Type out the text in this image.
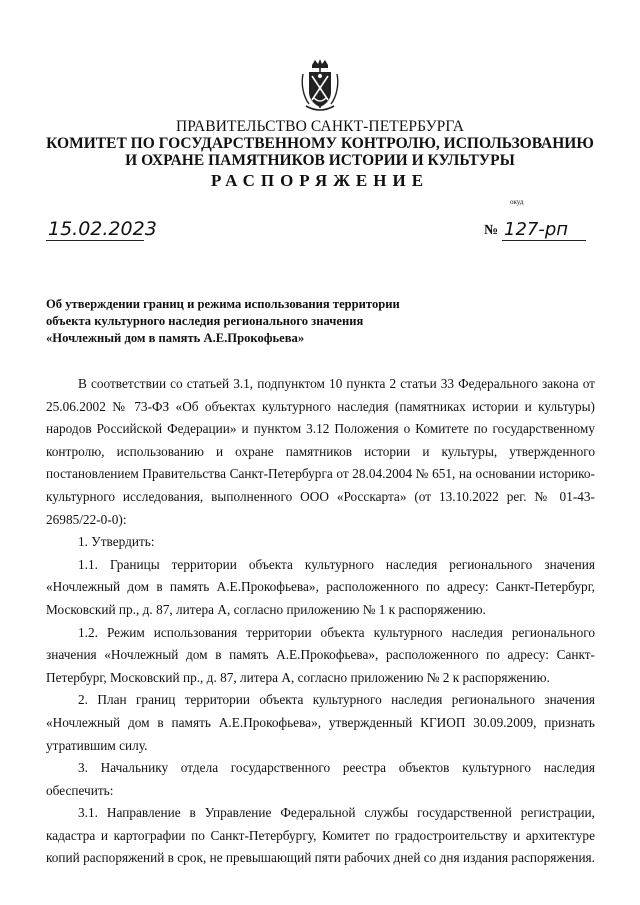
ПРАВИТЕЛЬСТВО САНКТ-ПЕТЕРБУРГА
КОМИТЕТ ПО ГОСУДАРСТВЕННОМУ КОНТРОЛЮ, ИСПОЛЬЗОВАНИЮ
И ОХРАНЕ ПАМЯТНИКОВ ИСТОРИИ И КУЛЬТУРЫ
РАСПОРЯЖЕНИЕ
окуд
15.02.2023	№ 127-рп
Об утверждении границ и режима использования территории
объекта культурного наследия регионального значения
«Ночлежный дом в память А.Е.Прокофьева»

В соответствии со статьей 3.1, подпунктом 10 пункта 2 статьи 33 Федерального закона от 25.06.2002 № 73-ФЗ «Об объектах культурного наследия (памятниках истории и культуры) народов Российской Федерации» и пунктом 3.12 Положения о Комитете по государственному контролю, использованию и охране памятников истории и культуры, утвержденного постановлением Правительства Санкт-Петербурга от 28.04.2004 № 651, на основании историко-культурного исследования, выполненного ООО «Росскарта» (от 13.10.2022 рег. № 01-43-26985/22-0-0):

1. Утвердить:

1.1. Границы территории объекта культурного наследия регионального значения «Ночлежный дом в память А.Е.Прокофьева», расположенного по адресу: Санкт-Петербург, Московский пр., д. 87, литера А, согласно приложению № 1 к распоряжению.

1.2. Режим использования территории объекта культурного наследия регионального значения «Ночлежный дом в память А.Е.Прокофьева», расположенного по адресу: Санкт-Петербург, Московский пр., д. 87, литера А, согласно приложению № 2 к распоряжению.

2. План границ территории объекта культурного наследия регионального значения «Ночлежный дом в память А.Е.Прокофьева», утвержденный КГИОП 30.09.2009, признать утратившим силу.

3. Начальнику отдела государственного реестра объектов культурного наследия обеспечить:

3.1. Направление в Управление Федеральной службы государственной регистрации, кадастра и картографии по Санкт-Петербургу, Комитет по градостроительству и архитектуре копий распоряжений в срок, не превышающий пяти рабочих дней со дня издания распоряжения.
